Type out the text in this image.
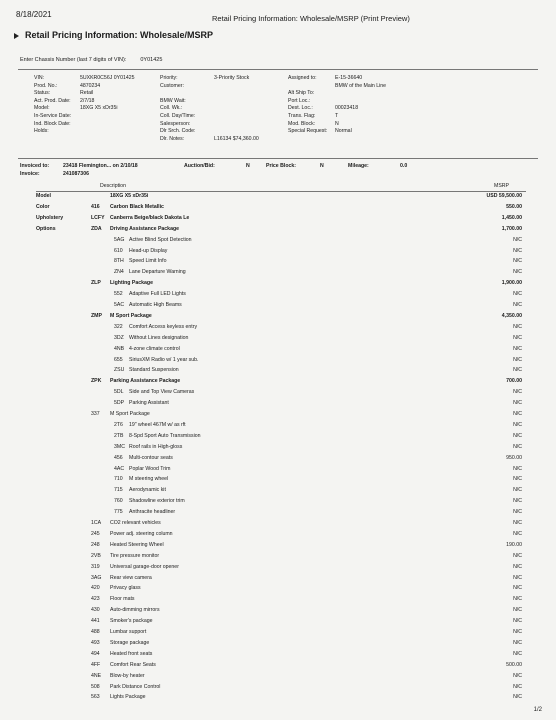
8/18/2021	Retail Pricing Information: Wholesale/MSRP (Print Preview)
Retail Pricing Information: Wholesale/MSRP
Enter Chassis Number (last 7 digits of VIN):	0Y01425
VIN:	5UXKR0C56J 0Y01425
Prod. No.:	4870234
Status:	Retail
Act. Prod. Date: 2/7/18
Model:	18XG X5 xDr35i
In-Service Date:
Ind. Block Date:
Holds:
Priority:	3-Priority Stock
Customer:
BMW Wait:
Coll. Wk.:
Coll. Day/Time:
Salesperson:
Dlr Srch. Code:
Dlr. Notes:	L16134 $74,360.00
Assigned to:	E-15-36640
BMW of the Main Line
Alt Ship To:
Port Loc.:
Dest. Loc.:	00023418
Trans. Flag:	T
Mod. Block:	N
Special Request: Normal
Invoiced to:	23418 Flemington... on 2/10/18	Auction/Bid:	N	Price Block:	N	Mileage:	0.0
Invoice:	241087306
Description	MSRP
Model	18XG X5 xDr35i	USD 59,500.00
Color	416 Carbon Black Metallic	550.00
Upholstery	LCFY Canberra Beige/black Dakota Le	1,450.00
Options	ZDA Driving Assistance Package	1,700.00
5AG Active Blind Spot Detection	N/C
610 Head-up Display	N/C
8TH Speed Limit Info	N/C
ZN4 Lane Departure Warning	N/C
ZLP Lighting Package	1,900.00
552 Adaptive Full LED Lights	N/C
5AC Automatic High Beams	N/C
ZMP M Sport Package	4,350.00
322 Comfort Access keyless entry	N/C
3DZ Without Lines designation	N/C
4NB 4-zone climate control	N/C
655 SiriusXM Radio w/ 1 year sub.	N/C
ZSU Standard Suspension	N/C
ZPK Parking Assistance Package	700.00
5DL Side and Top View Cameras	N/C
5DP Parking Assistant	N/C
337 M Sport Package	N/C
2T6 19" wheel 467M w/ as rft	N/C
2TB 8-Spd Sport Auto Transmission	N/C
3MC Roof rails in High-gloss	N/C
456 Multi-contour seats	950.00
4AC Poplar Wood Trim	N/C
710 M steering wheel	N/C
715 Aerodynamic kit	N/C
760 Shadowline exterior trim	N/C
775 Anthracite headliner	N/C
1CA CO2 relevant vehicles	N/C
245 Power adj. steering column	N/C
248 Heated Steering Wheel	190.00
2VB Tire pressure monitor	N/C
319 Universal garage-door opener	N/C
3AG Rear view camera	N/C
420 Privacy glass	N/C
423 Floor mats	N/C
430 Auto-dimming mirrors	N/C
441 Smoker's package	N/C
488 Lumbar support	N/C
493 Storage package	N/C
494 Heated front seats	N/C
4FF Comfort Rear Seats	500.00
4NE Blow-by heater	N/C
508 Park Distance Control	N/C
563 Lights Package	N/C
1/2
